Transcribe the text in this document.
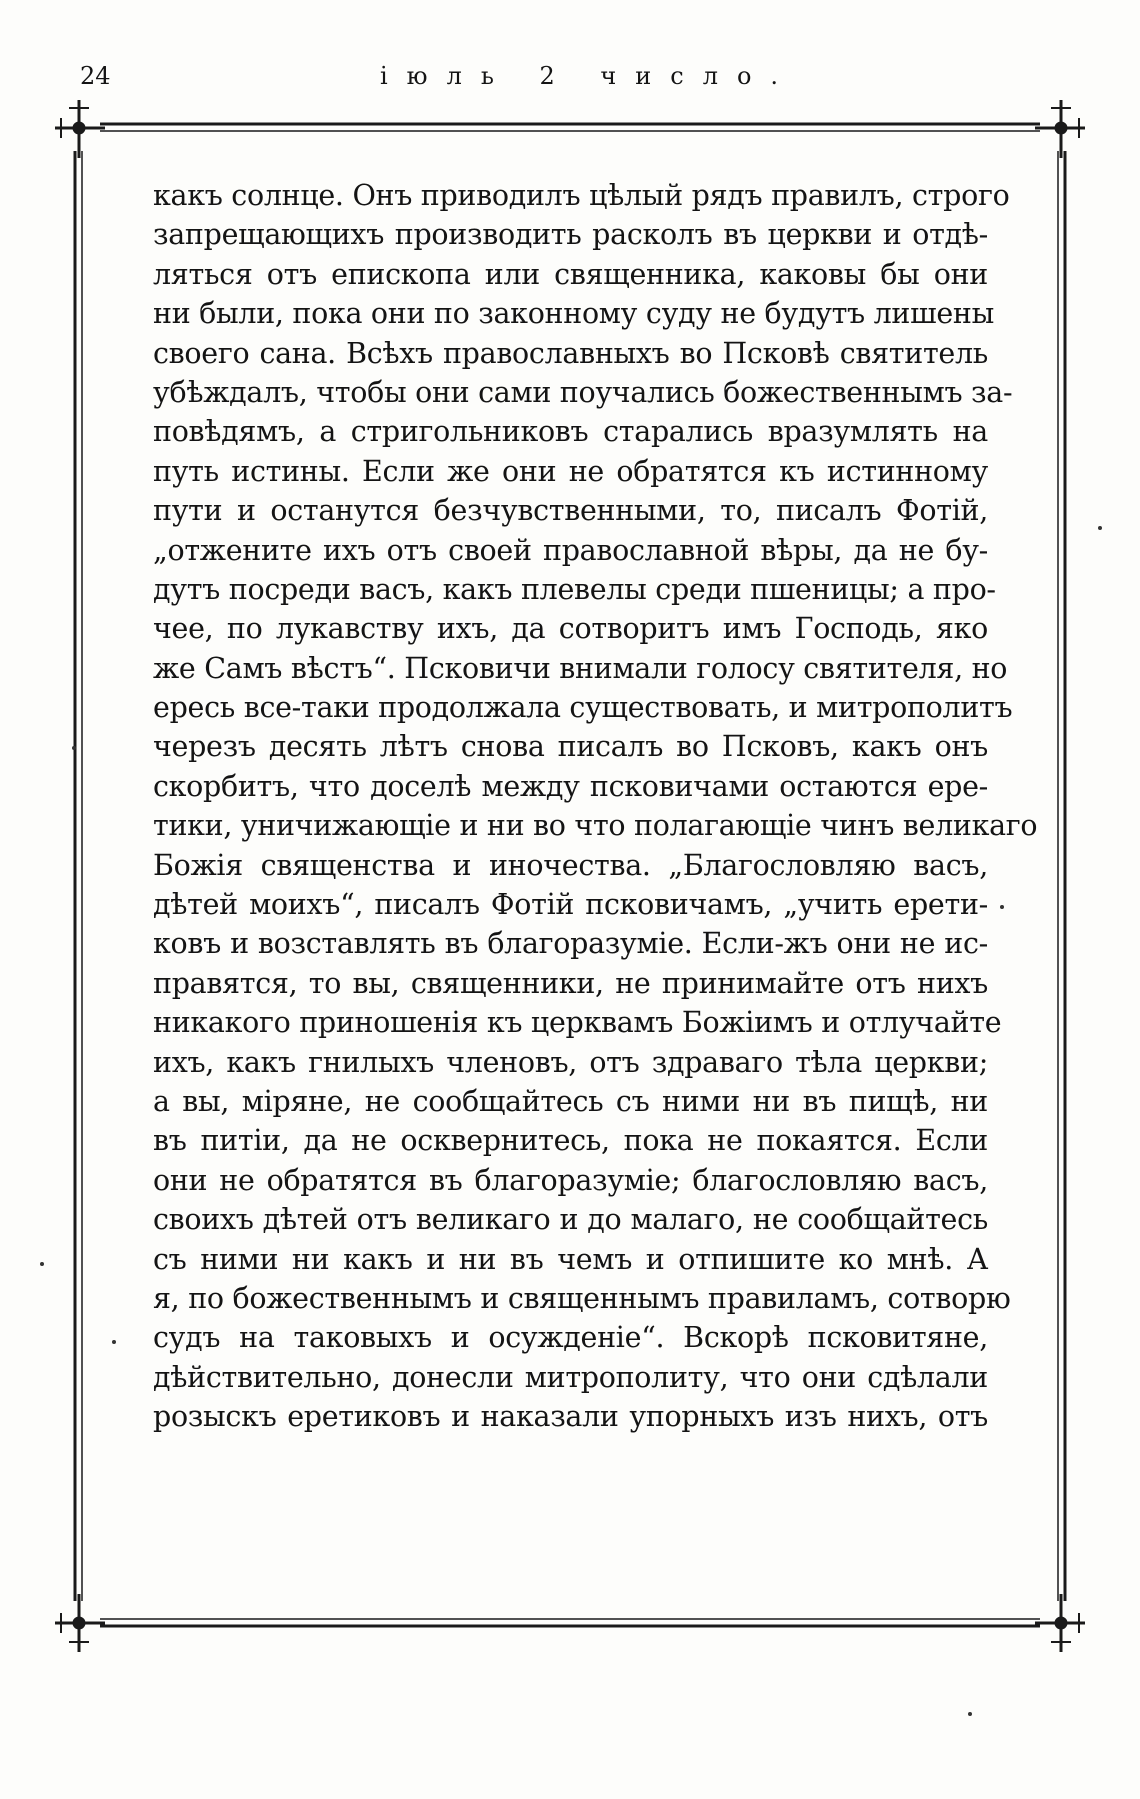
24	іюль 2 число.
какъ солнце. Онъ приводилъ цѣлый рядъ правилъ, строго
запрещающихъ производить расколъ въ церкви и отдѣ-
ляться отъ епископа или священника, каковы бы они
ни были, пока они по законному суду не будутъ лишены
своего сана. Всѣхъ православныхъ во Псковѣ святитель
убѣждалъ, чтобы они сами поучались божественнымъ за-
повѣдямъ, а стригольниковъ старались вразумлять на
путь истины. Если же они не обратятся къ истинному
пути и останутся безчувственными, то, писалъ Фотій,
„отжените ихъ отъ своей православной вѣры, да не бу-
дутъ посреди васъ, какъ плевелы среди пшеницы; а про-
чее, по лукавству ихъ, да сотворитъ имъ Господь, яко
же Самъ вѣстъ“. Псковичи внимали голосу святителя, но
ересь все-таки продолжала существовать, и митрополитъ
черезъ десять лѣтъ снова писалъ во Псковъ, какъ онъ
скорбитъ, что доселѣ между псковичами остаются ере-
тики, уничижающіе и ни во что полагающіе чинъ великаго
Божія священства и иночества. „Благословляю васъ,
дѣтей моихъ“, писалъ Фотій псковичамъ, „учить ерети-
ковъ и возставлять въ благоразуміе. Если-жъ они не ис-
правятся, то вы, священники, не принимайте отъ нихъ
никакого приношенія къ церквамъ Божіимъ и отлучайте
ихъ, какъ гнилыхъ членовъ, отъ здраваго тѣла церкви;
а вы, міряне, не сообщайтесь съ ними ни въ пищѣ, ни
въ питіи, да не осквернитесь, пока не покаятся. Если
они не обратятся въ благоразуміе; благословляю васъ,
своихъ дѣтей отъ великаго и до малаго, не сообщайтесь
съ ними ни какъ и ни въ чемъ и отпишите ко мнѣ. А
я, по божественнымъ и священнымъ правиламъ, сотворю
судъ на таковыхъ и осужденіе“. Вскорѣ псковитяне,
дѣйствительно, донесли митрополиту, что они сдѣлали
розыскъ еретиковъ и наказали упорныхъ изъ нихъ, отъ
